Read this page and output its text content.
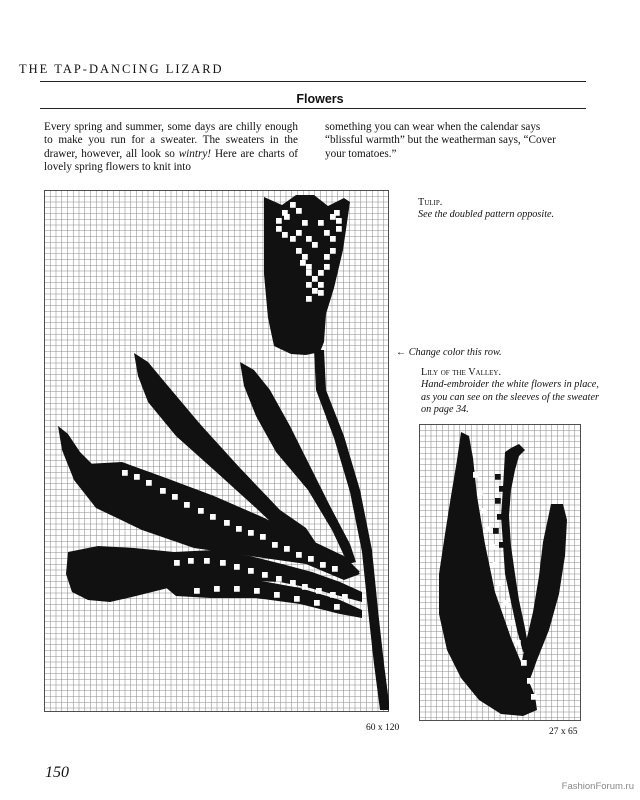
THE TAP-DANCING LIZARD
Flowers
Every spring and summer, some days are chilly enough to make you run for a sweater. The sweaters in the drawer, however, all look so wintry! Here are charts of lovely spring flowers to knit into
something you can wear when the calendar says “blissful warmth” but the weatherman says, “Cover your tomatoes.”
Tulip.
See the doubled pattern opposite.
← Change color this row.
Lily of the Valley.
Hand-embroider the white flowers in place, as you can see on the sleeves of the sweater on page 34.
60 x 120	27 x 65
150
FashionForum.ru
